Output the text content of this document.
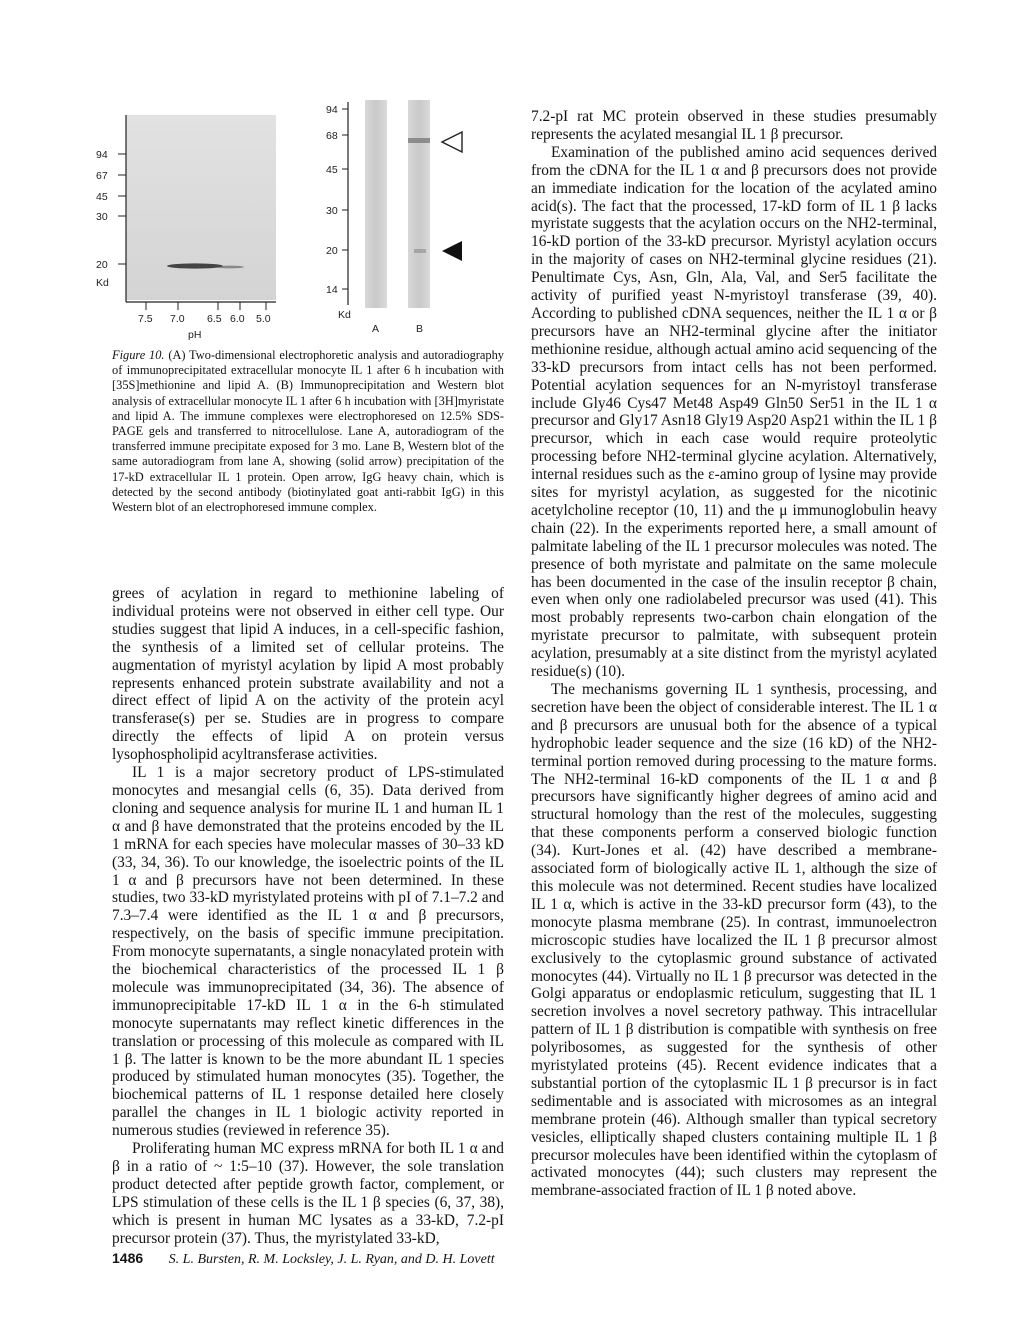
94
67
45
30
20
Kd
7.5 7.0 6.5 6.0 5.0
pH
94
68
45
30
20
14
Kd
A	B
Figure 10. (A) Two-dimensional electrophoretic analysis and autoradiography of immunoprecipitated extracellular monocyte IL 1 after 6 h incubation with [35S]methionine and lipid A. (B) Immunoprecipitation and Western blot analysis of extracellular monocyte IL 1 after 6 h incubation with [3H]myristate and lipid A. The immune complexes were electrophoresed on 12.5% SDS-PAGE gels and transferred to nitrocellulose. Lane A, autoradiogram of the transferred immune precipitate exposed for 3 mo. Lane B, Western blot of the same autoradiogram from lane A, showing (solid arrow) precipitation of the 17-kD extracellular IL 1 protein. Open arrow, IgG heavy chain, which is detected by the second antibody (biotinylated goat anti-rabbit IgG) in this Western blot of an electrophoresed immune complex.

grees of acylation in regard to methionine labeling of individual proteins were not observed in either cell type. Our studies suggest that lipid A induces, in a cell-specific fashion, the synthesis of a limited set of cellular proteins. The augmentation of myristyl acylation by lipid A most probably represents enhanced protein substrate availability and not a direct effect of lipid A on the activity of the protein acyl transferase(s) per se. Studies are in progress to compare directly the effects of lipid A on protein versus lysophospholipid acyltransferase activities.

IL 1 is a major secretory product of LPS-stimulated monocytes and mesangial cells (6, 35). Data derived from cloning and sequence analysis for murine IL 1 and human IL 1 α and β have demonstrated that the proteins encoded by the IL 1 mRNA for each species have molecular masses of 30–33 kD (33, 34, 36). To our knowledge, the isoelectric points of the IL 1 α and β precursors have not been determined. In these studies, two 33-kD myristylated proteins with pI of 7.1–7.2 and 7.3–7.4 were identified as the IL 1 α and β precursors, respectively, on the basis of specific immune precipitation. From monocyte supernatants, a single nonacylated protein with the biochemical characteristics of the processed IL 1 β molecule was immunoprecipitated (34, 36). The absence of immunoprecipitable 17-kD IL 1 α in the 6-h stimulated monocyte supernatants may reflect kinetic differences in the translation or processing of this molecule as compared with IL 1 β. The latter is known to be the more abundant IL 1 species produced by stimulated human monocytes (35). Together, the biochemical patterns of IL 1 response detailed here closely parallel the changes in IL 1 biologic activity reported in numerous studies (reviewed in reference 35).

Proliferating human MC express mRNA for both IL 1 α and β in a ratio of ~ 1:5–10 (37). However, the sole translation product detected after peptide growth factor, complement, or LPS stimulation of these cells is the IL 1 β species (6, 37, 38), which is present in human MC lysates as a 33-kD, 7.2-pI precursor protein (37). Thus, the myristylated 33-kD,

7.2-pI rat MC protein observed in these studies presumably represents the acylated mesangial IL 1 β precursor.

Examination of the published amino acid sequences derived from the cDNA for the IL 1 α and β precursors does not provide an immediate indication for the location of the acylated amino acid(s). The fact that the processed, 17-kD form of IL 1 β lacks myristate suggests that the acylation occurs on the NH2-terminal, 16-kD portion of the 33-kD precursor. Myristyl acylation occurs in the majority of cases on NH2-terminal glycine residues (21). Penultimate Cys, Asn, Gln, Ala, Val, and Ser5 facilitate the activity of purified yeast N-myristoyl transferase (39, 40). According to published cDNA sequences, neither the IL 1 α or β precursors have an NH2-terminal glycine after the initiator methionine residue, although actual amino acid sequencing of the 33-kD precursors from intact cells has not been performed. Potential acylation sequences for an N-myristoyl transferase include Gly46 Cys47 Met48 Asp49 Gln50 Ser51 in the IL 1 α precursor and Gly17 Asn18 Gly19 Asp20 Asp21 within the IL 1 β precursor, which in each case would require proteolytic processing before NH2-terminal glycine acylation. Alternatively, internal residues such as the ε-amino group of lysine may provide sites for myristyl acylation, as suggested for the nicotinic acetylcholine receptor (10, 11) and the μ immunoglobulin heavy chain (22). In the experiments reported here, a small amount of palmitate labeling of the IL 1 precursor molecules was noted. The presence of both myristate and palmitate on the same molecule has been documented in the case of the insulin receptor β chain, even when only one radiolabeled precursor was used (41). This most probably represents two-carbon chain elongation of the myristate precursor to palmitate, with subsequent protein acylation, presumably at a site distinct from the myristyl acylated residue(s) (10).

The mechanisms governing IL 1 synthesis, processing, and secretion have been the object of considerable interest. The IL 1 α and β precursors are unusual both for the absence of a typical hydrophobic leader sequence and the size (16 kD) of the NH2-terminal portion removed during processing to the mature forms. The NH2-terminal 16-kD components of the IL 1 α and β precursors have significantly higher degrees of amino acid and structural homology than the rest of the molecules, suggesting that these components perform a conserved biologic function (34). Kurt-Jones et al. (42) have described a membrane-associated form of biologically active IL 1, although the size of this molecule was not determined. Recent studies have localized IL 1 α, which is active in the 33-kD precursor form (43), to the monocyte plasma membrane (25). In contrast, immunoelectron microscopic studies have localized the IL 1 β precursor almost exclusively to the cytoplasmic ground substance of activated monocytes (44). Virtually no IL 1 β precursor was detected in the Golgi apparatus or endoplasmic reticulum, suggesting that IL 1 secretion involves a novel secretory pathway. This intracellular pattern of IL 1 β distribution is compatible with synthesis on free polyribosomes, as suggested for the synthesis of other myristylated proteins (45). Recent evidence indicates that a substantial portion of the cytoplasmic IL 1 β precursor is in fact sedimentable and is associated with microsomes as an integral membrane protein (46). Although smaller than typical secretory vesicles, elliptically shaped clusters containing multiple IL 1 β precursor molecules have been identified within the cytoplasm of activated monocytes (44); such clusters may represent the membrane-associated fraction of IL 1 β noted above.

1486 S. L. Bursten, R. M. Locksley, J. L. Ryan, and D. H. Lovett
